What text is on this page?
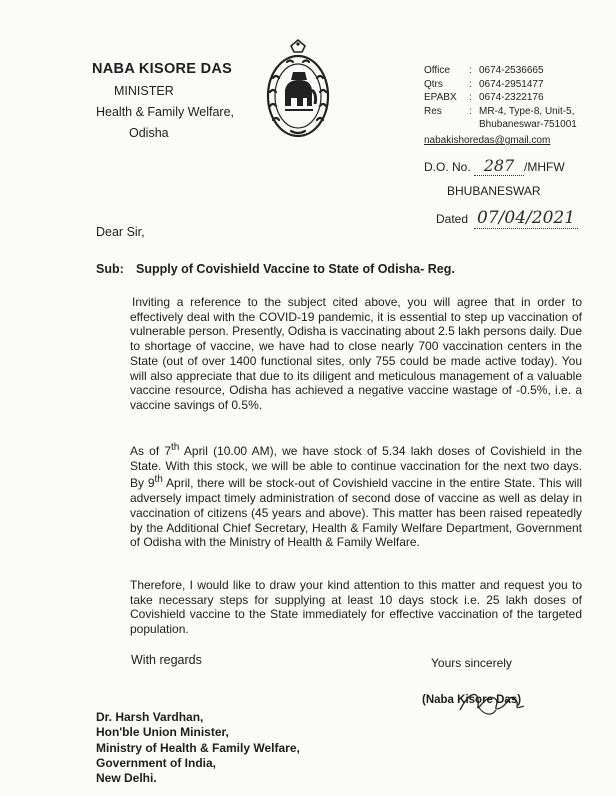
NABA KISORE DAS
MINISTER
Health & Family Welfare,
Odisha
Office	:	0674-2536665
Qtrs	:	0674-2951477
EPABX	:	0674-2322176
Res	:	MR-4, Type-8, Unit-5,
		Bhubaneswar-751001
nabakishoredas@gmail.com
D.O. No. 287 /MHFW
BHUBANESWAR
Dated 07/04/2021
Dear Sir,
Sub: Supply of Covishield Vaccine to State of Odisha- Reg.
Inviting a reference to the subject cited above, you will agree that in order to effectively deal with the COVID-19 pandemic, it is essential to step up vaccination of vulnerable person. Presently, Odisha is vaccinating about 2.5 lakh persons daily. Due to shortage of vaccine, we have had to close nearly 700 vaccination centers in the State (out of over 1400 functional sites, only 755 could be made active today). You will also appreciate that due to its diligent and meticulous management of a valuable vaccine resource, Odisha has achieved a negative vaccine wastage of -0.5%, i.e. a vaccine savings of 0.5%.
As of 7th April (10.00 AM), we have stock of 5.34 lakh doses of Covishield in the State. With this stock, we will be able to continue vaccination for the next two days. By 9th April, there will be stock-out of Covishield vaccine in the entire State. This will adversely impact timely administration of second dose of vaccine as well as delay in vaccination of citizens (45 years and above). This matter has been raised repeatedly by the Additional Chief Secretary, Health & Family Welfare Department, Government of Odisha with the Ministry of Health & Family Welfare.
Therefore, I would like to draw your kind attention to this matter and request you to take necessary steps for supplying at least 10 days stock i.e. 25 lakh doses of Covishield vaccine to the State immediately for effective vaccination of the targeted population.
With regards	Yours sincerely
(Naba Kisore Das)
Dr. Harsh Vardhan,
Hon'ble Union Minister,
Ministry of Health & Family Welfare,
Government of India,
New Delhi.
